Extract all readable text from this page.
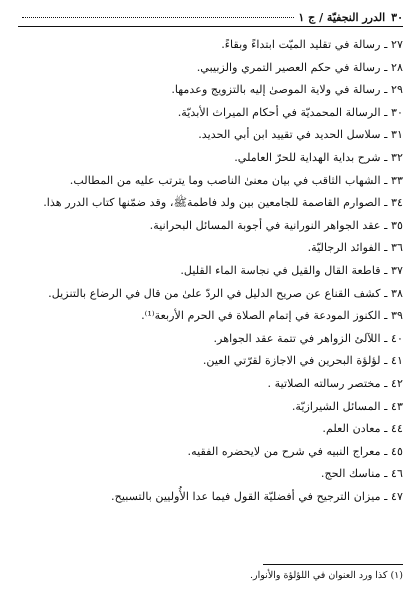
٣٠
الدرر النجفيّة / ج ١
٢٧ ـ رسالة في تقليد الميّت ابتداءً وبقاءً.
٢٨ ـ رسالة في حكم العصير التمري والزبيبي.
٢٩ ـ رسالة في ولاية الموصىٰ إليه بالتزويج وعدمها.
٣٠ ـ الرسالة المحمديّة في أحكام الميراث الأبديّة.
٣١ ـ سلاسل الحديد في تقييد ابن أبي الحديد.
٣٢ ـ شرح بداية الهداية للحرّ العاملي.
٣٣ ـ الشهاب الثاقب في بيان معنىٰ الناصب وما يترتب عليه من المطالب.
٣٤ ـ الصوارم القاصمة للجامعين بين ولد فاطمةﷺ، وقد ضمّنها كتاب الدرر هذا.
٣٥ ـ عقد الجواهر النورانية في أجوبة المسائل البحرانية.
٣٦ ـ الفوائد الرجاليّة.
٣٧ ـ قاطعة القال والقيل في نجاسة الماء القليل.
٣٨ ـ كشف القناع عن صريح الدليل في الردّ علىٰ من قال في الرضاع بالتنزيل.
٣٩ ـ الكنوز المودعة في إتمام الصلاة في الحرم الأربعة⁽¹⁾.
٤٠ ـ اللآلئ الزواهر في تتمة عقد الجواهر.
٤١ ـ لؤلؤة البحرين في الاجازة لقرّتي العين.
٤٢ ـ مختصر رسالته الصلاتية .
٤٣ ـ المسائل الشيرازيّة.
٤٤ ـ معادن العلم.
٤٥ ـ معراج النبيه في شرح من لايحضره الفقيه.
٤٦ ـ مناسك الحج.
٤٧ ـ ميزان الترجيح في أفضليّة القول فيما عدا الأُوليين بالتسبيح.
(١) كذا ورد العنوان في اللؤلؤة والأنوار.
